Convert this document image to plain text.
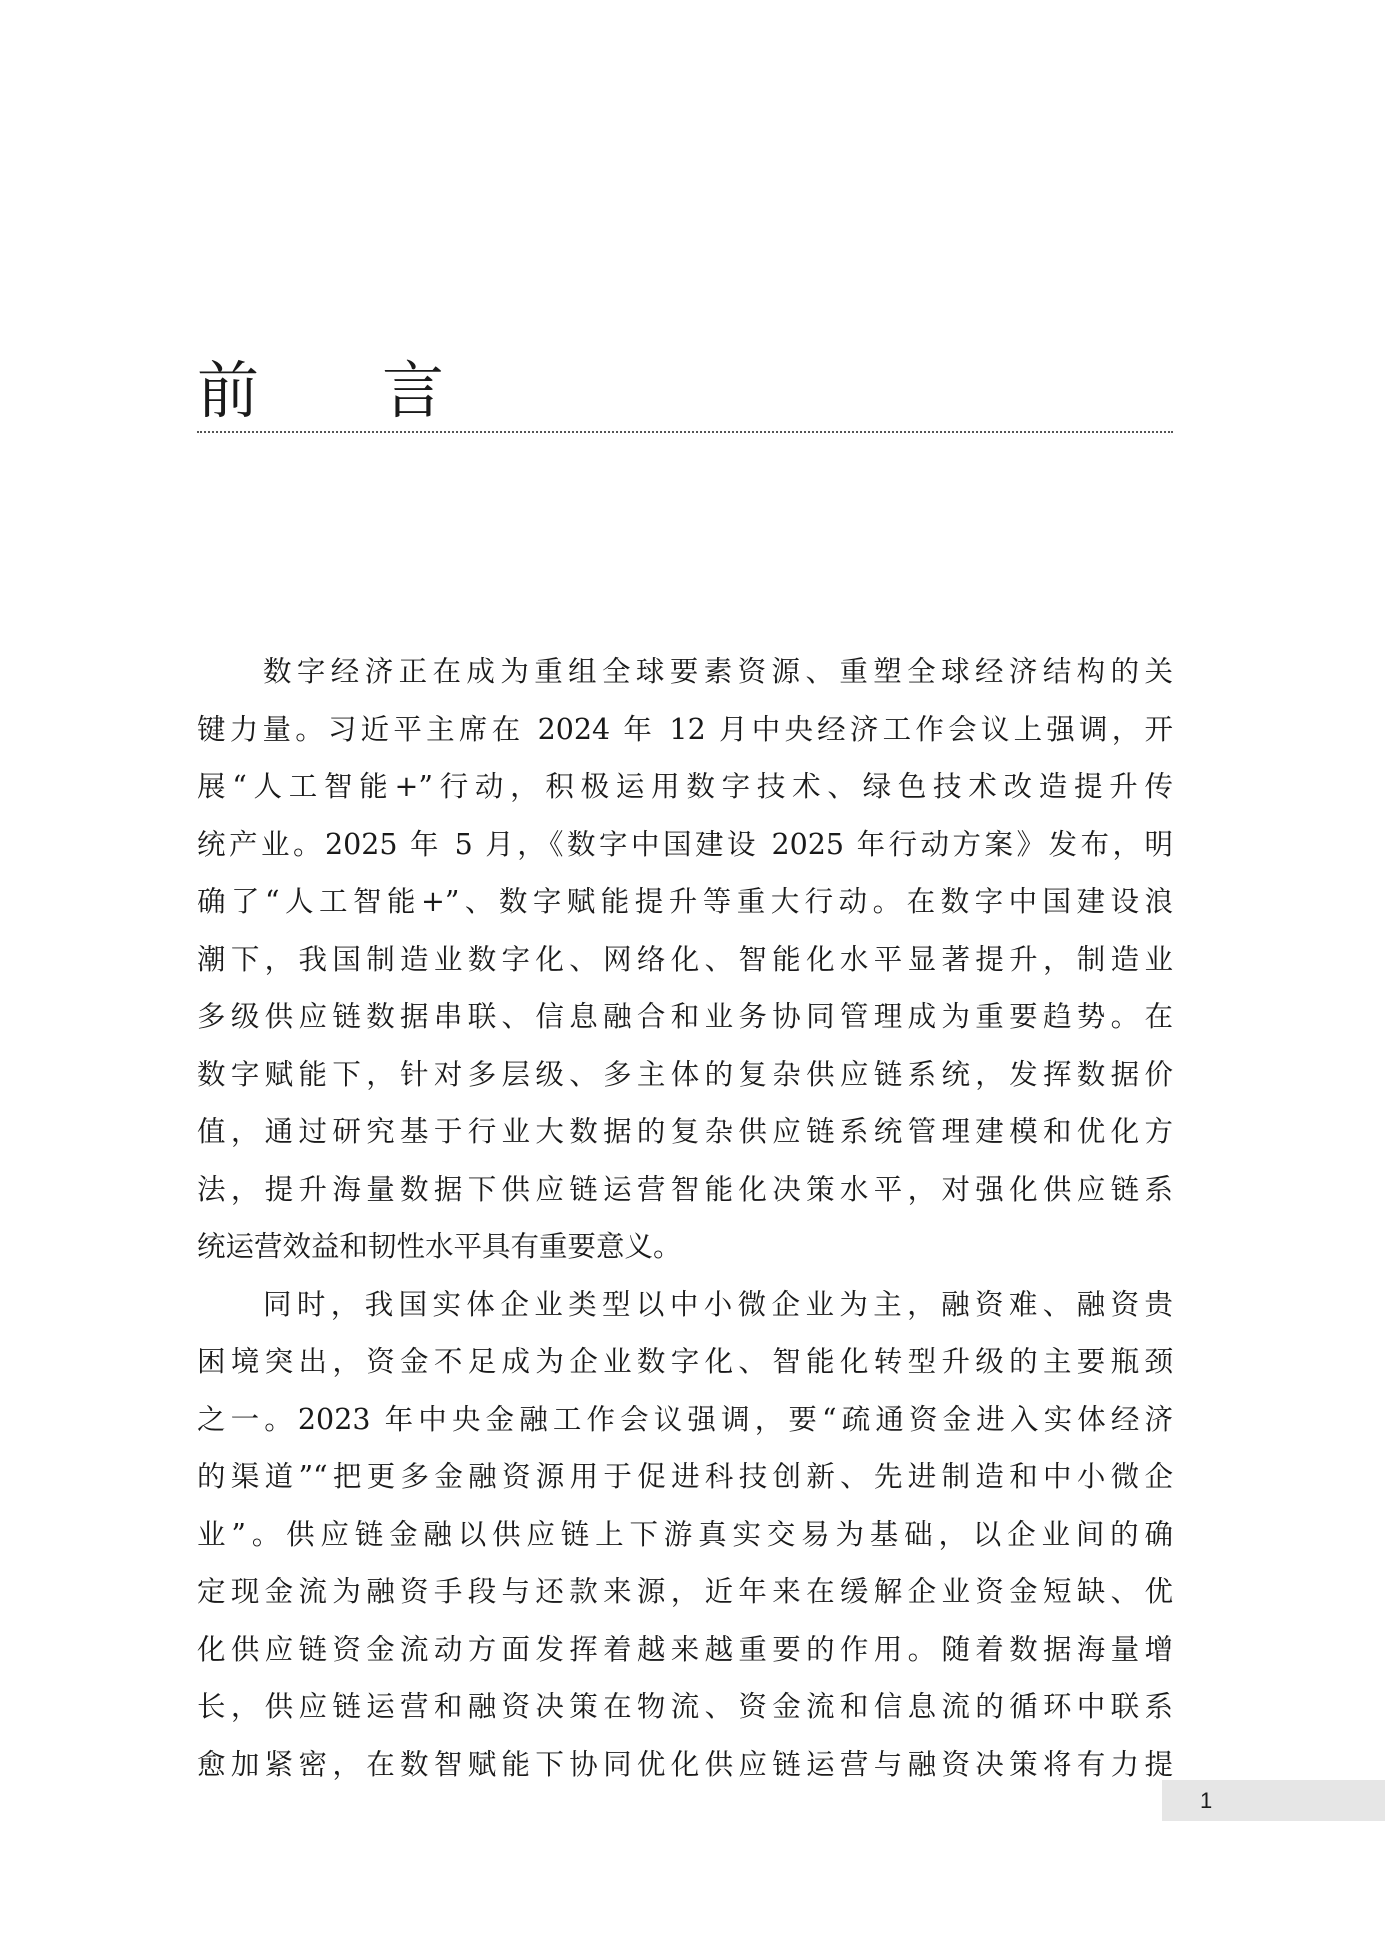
前 言
数字经济正在成为重组全球要素资源、重塑全球经济结构的关
键力量。习近平主席在 2024 年 12 月中央经济工作会议上强调，开
展“人工智能+”行动，积极运用数字技术、绿色技术改造提升传
统产业。2025 年 5 月，《数字中国建设 2025 年行动方案》发布，明
确了“人工智能+”、数字赋能提升等重大行动。在数字中国建设浪
潮下，我国制造业数字化、网络化、智能化水平显著提升，制造业
多级供应链数据串联、信息融合和业务协同管理成为重要趋势。在
数字赋能下，针对多层级、多主体的复杂供应链系统，发挥数据价
值，通过研究基于行业大数据的复杂供应链系统管理建模和优化方
法，提升海量数据下供应链运营智能化决策水平，对强化供应链系
统运营效益和韧性水平具有重要意义。
同时，我国实体企业类型以中小微企业为主，融资难、融资贵
困境突出，资金不足成为企业数字化、智能化转型升级的主要瓶颈
之一。2023 年中央金融工作会议强调，要“疏通资金进入实体经济
的渠道”“把更多金融资源用于促进科技创新、先进制造和中小微企
业”。供应链金融以供应链上下游真实交易为基础，以企业间的确
定现金流为融资手段与还款来源，近年来在缓解企业资金短缺、优
化供应链资金流动方面发挥着越来越重要的作用。随着数据海量增
长，供应链运营和融资决策在物流、资金流和信息流的循环中联系
愈加紧密，在数智赋能下协同优化供应链运营与融资决策将有力提
1
